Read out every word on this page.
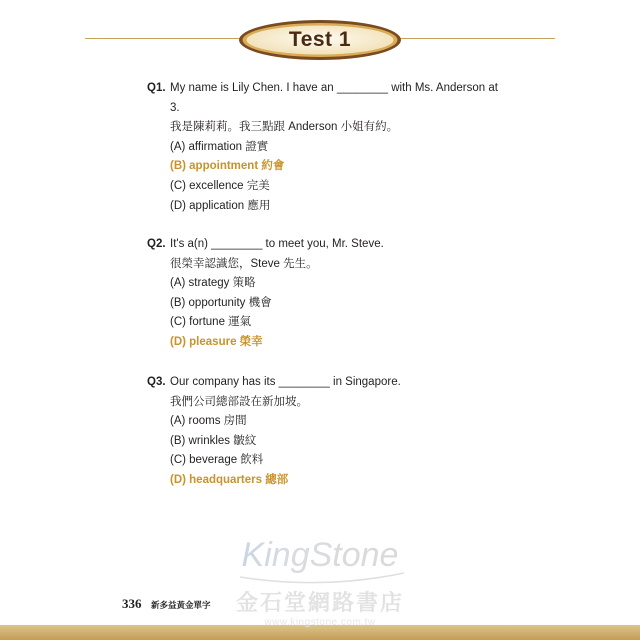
Test 1
Q1. My name is Lily Chen. I have an ________ with Ms. Anderson at
3.
我是陳莉莉。我三點跟 Anderson 小姐有約。
(A) affirmation 證實
(B) appointment 約會
(C) excellence 完美
(D) application 應用
Q2. It's a(n) ________ to meet you, Mr. Steve.
很榮幸認識您，Steve 先生。
(A) strategy 策略
(B) opportunity 機會
(C) fortune 運氣
(D) pleasure 榮幸
Q3. Our company has its ________ in Singapore.
我們公司總部設在新加坡。
(A) rooms 房間
(B) wrinkles 皺紋
(C) beverage 飲料
(D) headquarters 總部
336 新多益黃金單字
KingStone
金石堂網路書店
www.kingstone.com.tw
